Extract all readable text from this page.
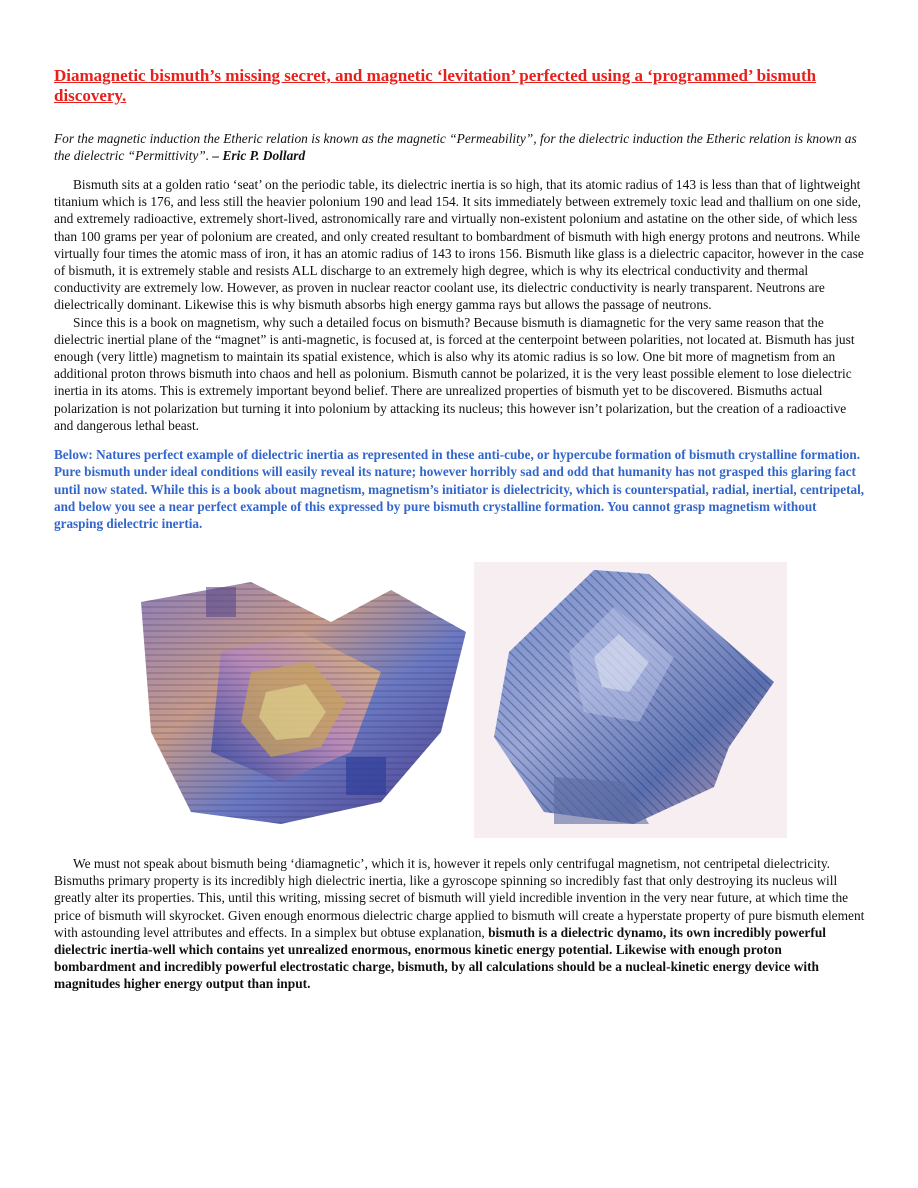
Diamagnetic bismuth’s missing secret, and magnetic ‘levitation’ perfected using a ‘programmed’ bismuth discovery.

For the magnetic induction the Etheric relation is known as the magnetic “Permeability”, for the dielectric induction the Etheric relation is known as the dielectric “Permittivity”. – Eric P. Dollard

Bismuth sits at a golden ratio ‘seat’ on the periodic table, its dielectric inertia is so high, that its atomic radius of 143 is less than that of lightweight titanium which is 176, and less still the heavier polonium 190 and lead 154. It sits immediately between extremely toxic lead and thallium on one side, and extremely radioactive, extremely short-lived, astronomically rare and virtually non-existent polonium and astatine on the other side, of which less than 100 grams per year of polonium are created, and only created resultant to bombardment of bismuth with high energy protons and neutrons. While virtually four times the atomic mass of iron, it has an atomic radius of 143 to irons 156. Bismuth like glass is a dielectric capacitor, however in the case of bismuth, it is extremely stable and resists ALL discharge to an extremely high degree, which is why its electrical conductivity and thermal conductivity are extremely low. However, as proven in nuclear reactor coolant use, its dielectric conductivity is nearly transparent. Neutrons are dielectrically dominant. Likewise this is why bismuth absorbs high energy gamma rays but allows the passage of neutrons.

Since this is a book on magnetism, why such a detailed focus on bismuth? Because bismuth is diamagnetic for the very same reason that the dielectric inertial plane of the “magnet” is anti-magnetic, is focused at, is forced at the centerpoint between polarities, not located at. Bismuth has just enough (very little) magnetism to maintain its spatial existence, which is also why its atomic radius is so low. One bit more of magnetism from an additional proton throws bismuth into chaos and hell as polonium. Bismuth cannot be polarized, it is the very least possible element to lose dielectric inertia in its atoms. This is extremely important beyond belief. There are unrealized properties of bismuth yet to be discovered. Bismuths actual polarization is not polarization but turning it into polonium by attacking its nucleus; this however isn’t polarization, but the creation of a radioactive and dangerous lethal beast.

Below: Natures perfect example of dielectric inertia as represented in these anti-cube, or hypercube formation of bismuth crystalline formation. Pure bismuth under ideal conditions will easily reveal its nature; however horribly sad and odd that humanity has not grasped this glaring fact until now stated. While this is a book about magnetism, magnetism’s initiator is dielectricity, which is counterspatial, radial, inertial, centripetal, and below you see a near perfect example of this expressed by pure bismuth crystalline formation. You cannot grasp magnetism without grasping dielectric inertia.

We must not speak about bismuth being ‘diamagnetic’, which it is, however it repels only centrifugal magnetism, not centripetal dielectricity. Bismuths primary property is its incredibly high dielectric inertia, like a gyroscope spinning so incredibly fast that only destroying its nucleus will greatly alter its properties. This, until this writing, missing secret of bismuth will yield incredible invention in the very near future, at which time the price of bismuth will skyrocket. Given enough enormous dielectric charge applied to bismuth will create a hyperstate property of pure bismuth element with astounding level attributes and effects. In a simplex but obtuse explanation, bismuth is a dielectric dynamo, its own incredibly powerful dielectric inertia-well which contains yet unrealized enormous, enormous kinetic energy potential. Likewise with enough proton bombardment and incredibly powerful electrostatic charge, bismuth, by all calculations should be a nucleal-kinetic energy device with magnitudes higher energy output than input.
